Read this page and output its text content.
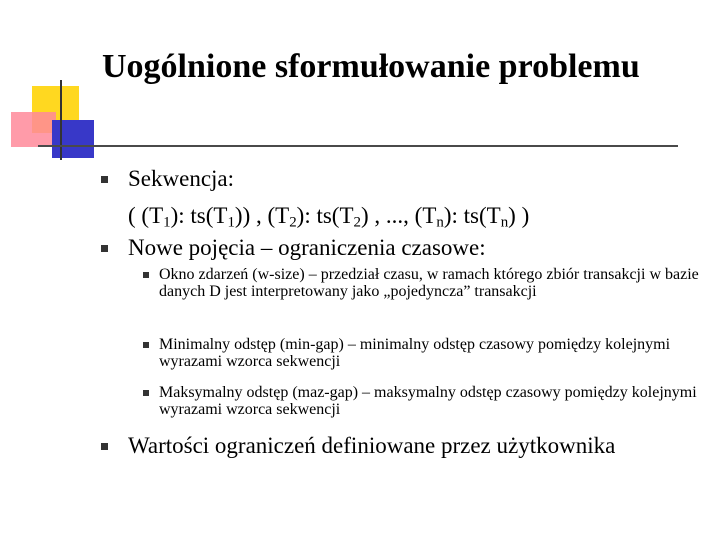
Uogólnione sformułowanie problemu
Sekwencja:
( $(T_1)$: $ts(T_1)$) , $(T_2)$: $ts(T_2)$ , ..., $(T_n)$: $ts(T_n)$ )
Nowe pojęcia – ograniczenia czasowe:
Okno zdarzeń (w-size) – przedział czasu, w ramach którego zbiór transakcji w bazie danych D jest interpretowany jako „pojedyncza” transakcji
Minimalny odstęp (min-gap) – minimalny odstęp czasowy pomiędzy kolejnymi wyrazami wzorca sekwencji
Maksymalny odstęp (maz-gap) – maksymalny odstęp czasowy pomiędzy kolejnymi wyrazami wzorca sekwencji
Wartości ograniczeń definiowane przez użytkownika
